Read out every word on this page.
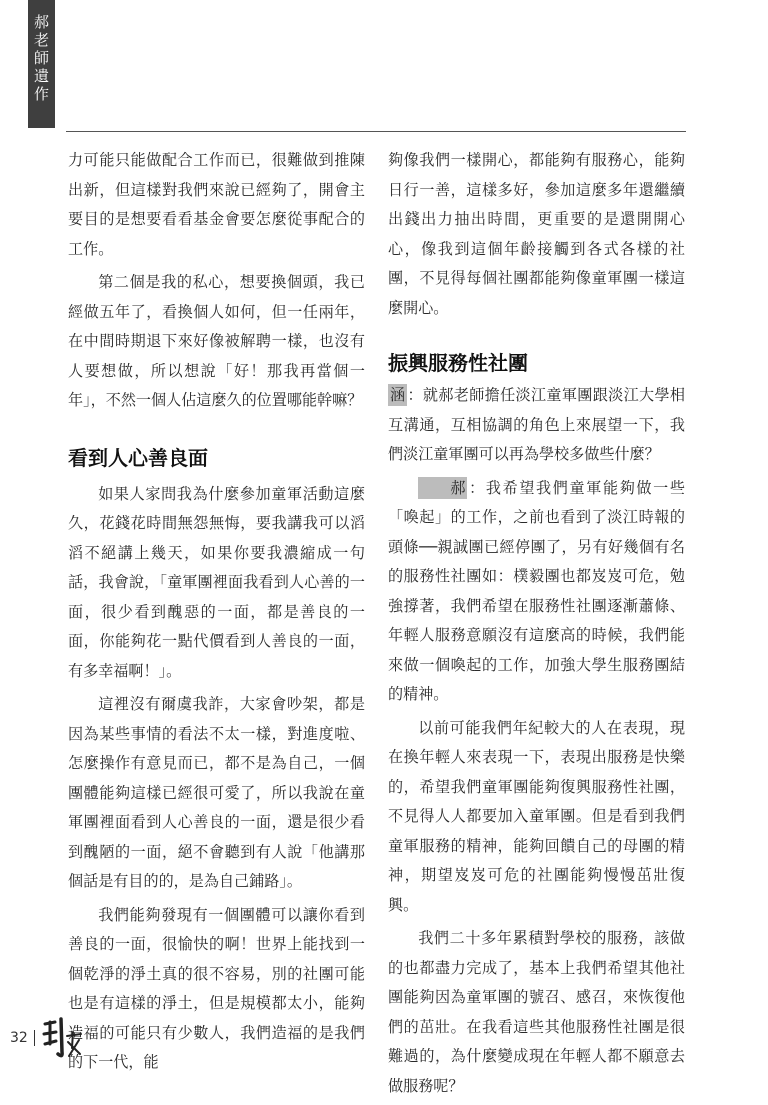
郝老師遺作

力可能只能做配合工作而已，很難做到推陳出新，但這樣對我們來說已經夠了，開會主要目的是想要看看基金會要怎麼從事配合的工作。

第二個是我的私心，想要換個頭，我已經做五年了，看換個人如何，但一任兩年，在中間時期退下來好像被解聘一樣，也沒有人要想做，所以想說「好！那我再當個一年」，不然一個人佔這麼久的位置哪能幹嘛？

看到人心善良面

如果人家問我為什麼參加童軍活動這麼久，花錢花時間無怨無悔，要我講我可以滔滔不絕講上幾天，如果你要我濃縮成一句話，我會說，「童軍團裡面我看到人心善的一面，很少看到醜惡的一面，都是善良的一面，你能夠花一點代價看到人善良的一面，有多幸福啊！」。

這裡沒有爾虞我詐，大家會吵架，都是因為某些事情的看法不太一樣，對進度啦、怎麼操作有意見而已，都不是為自己，一個團體能夠這樣已經很可愛了，所以我說在童軍團裡面看到人心善良的一面，還是很少看到醜陋的一面，絕不會聽到有人說「他講那個話是有目的的，是為自己鋪路」。

我們能夠發現有一個團體可以讓你看到善良的一面，很愉快的啊！世界上能找到一個乾淨的淨土真的很不容易，別的社團可能也是有這樣的淨土，但是規模都太小，能夠造福的可能只有少數人，我們造福的是我們的下一代，能

夠像我們一樣開心，都能夠有服務心，能夠日行一善，這樣多好，參加這麼多年還繼續出錢出力抽出時間，更重要的是還開開心心，像我到這個年齡接觸到各式各樣的社團，不見得每個社團都能夠像童軍團一樣這麼開心。

振興服務性社團

涵 ：就郝老師擔任淡江童軍團跟淡江大學相互溝通，互相協調的角色上來展望一下，我們淡江童軍團可以再為學校多做些什麼？

郝 ：我希望我們童軍能夠做一些「喚起」的工作，之前也看到了淡江時報的頭條──親誠團已經停團了，另有好幾個有名的服務性社團如：樸毅團也都岌岌可危，勉強撐著，我們希望在服務性社團逐漸蕭條、年輕人服務意願沒有這麼高的時候，我們能來做一個喚起的工作，加強大學生服務團結的精神。

以前可能我們年紀較大的人在表現，現在換年輕人來表現一下，表現出服務是快樂的，希望我們童軍團能夠復興服務性社團，不見得人人都要加入童軍團。但是看到我們童軍服務的精神，能夠回饋自己的母團的精神，期望岌岌可危的社團能夠慢慢茁壯復興。

我們二十多年累積對學校的服務，該做的也都盡力完成了，基本上我們希望其他社團能夠因為童軍團的號召、感召，來恢復他們的茁壯。在我看這些其他服務性社團是很難過的，為什麼變成現在年輕人都不願意去做服務呢？

32
